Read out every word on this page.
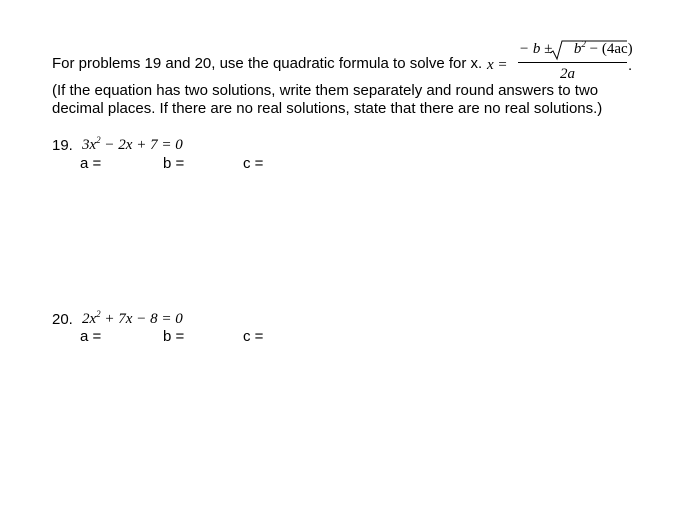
For problems 19 and 20, use the quadratic formula to solve for x. x =
− $b \pm b^2 - (4ac)$
2a	.
(If the equation has two solutions, write them separately and round answers to two
decimal places. If there are no real solutions, state that there are no real solutions.)
19. $3x^2 - 2x + 7 = 0$
a =	b =	c =
20. $2x^2 + 7x - 8 = 0$
a =	b =	c =
